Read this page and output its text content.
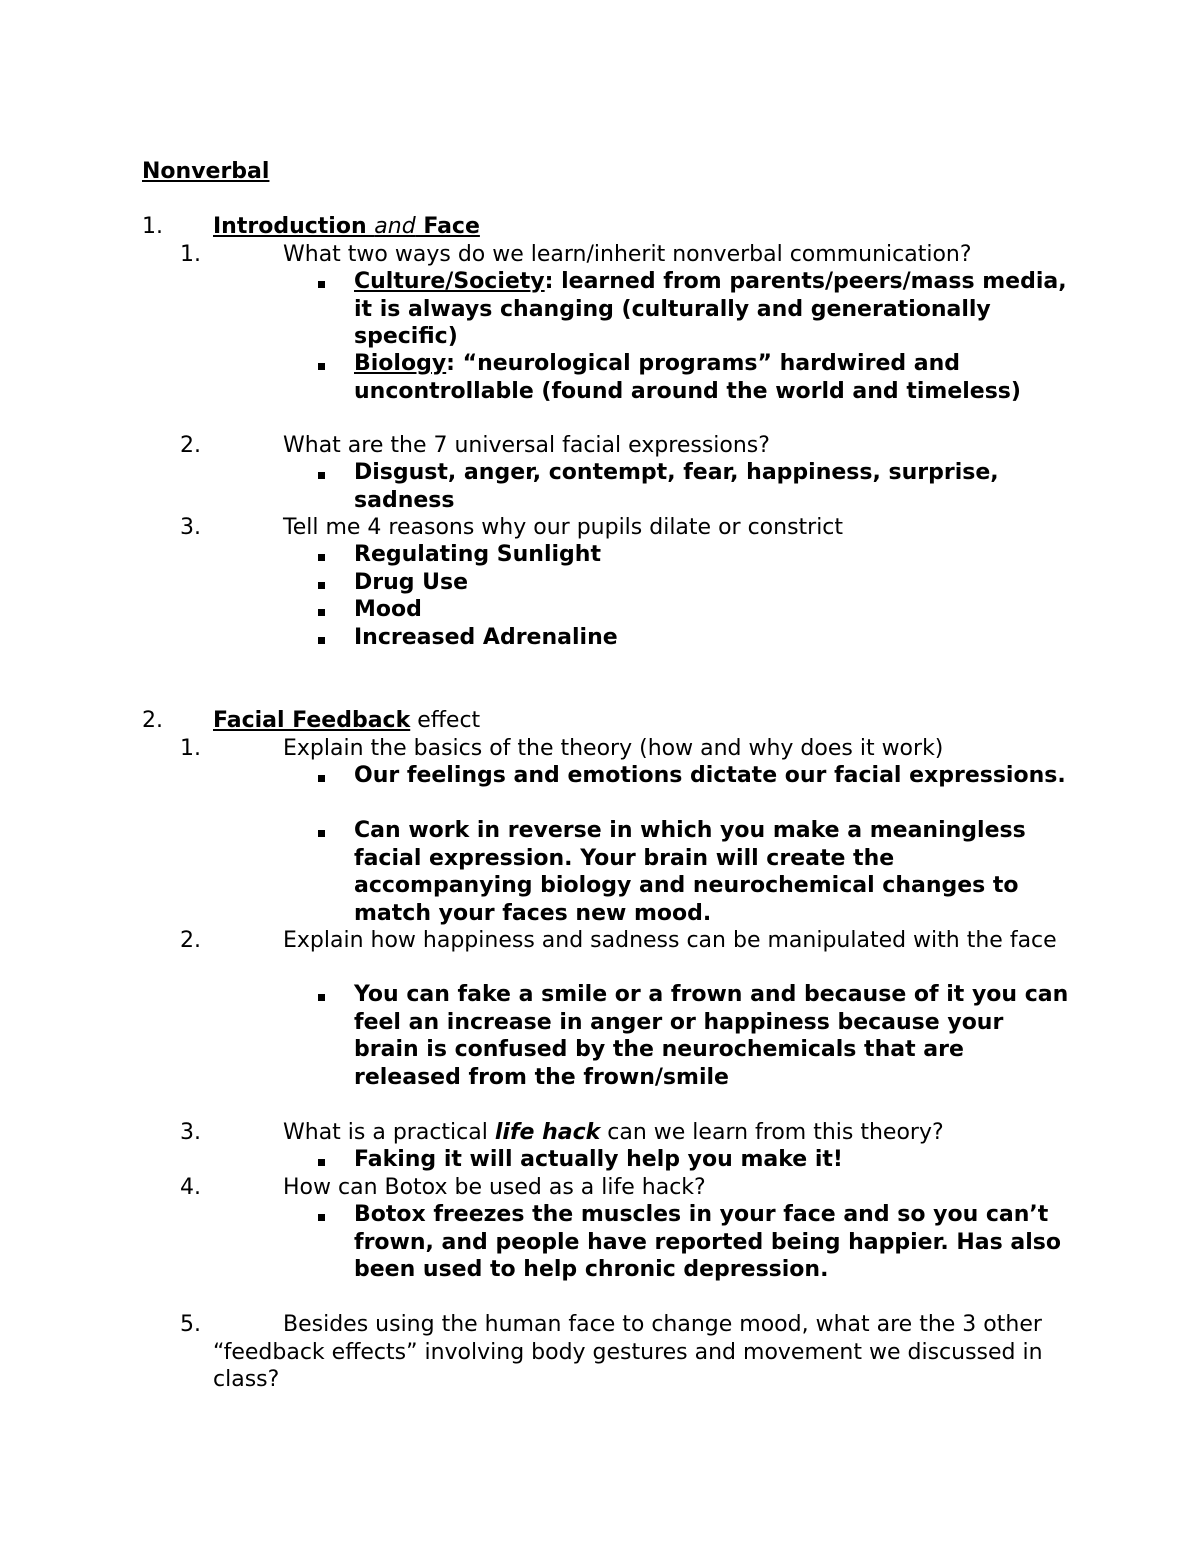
Nonverbal
1. Introduction and Face
1.	What two ways do we learn/inherit nonverbal communication?
Culture/Society: learned from parents/peers/mass media, it is always changing (culturally and generationally specific)
Biology: “neurological programs” hardwired and uncontrollable (found around the world and timeless)
2.	What are the 7 universal facial expressions?
Disgust, anger, contempt, fear, happiness, surprise, sadness
3.	Tell me 4 reasons why our pupils dilate or constrict
Regulating Sunlight
Drug Use
Mood
Increased Adrenaline
2. Facial Feedback effect
1.	Explain the basics of the theory (how and why does it work)
Our feelings and emotions dictate our facial expressions.
Can work in reverse in which you make a meaningless facial expression. Your brain will create the accompanying biology and neurochemical changes to match your faces new mood.
2.	Explain how happiness and sadness can be manipulated with the face
You can fake a smile or a frown and because of it you can feel an increase in anger or happiness because your brain is confused by the neurochemicals that are released from the frown/smile
3.	What is a practical life hack can we learn from this theory?
Faking it will actually help you make it!
4.	How can Botox be used as a life hack?
Botox freezes the muscles in your face and so you can’t frown, and people have reported being happier. Has also been used to help chronic depression.
5.	Besides using the human face to change mood, what are the 3 other “feedback effects” involving body gestures and movement we discussed in class?
